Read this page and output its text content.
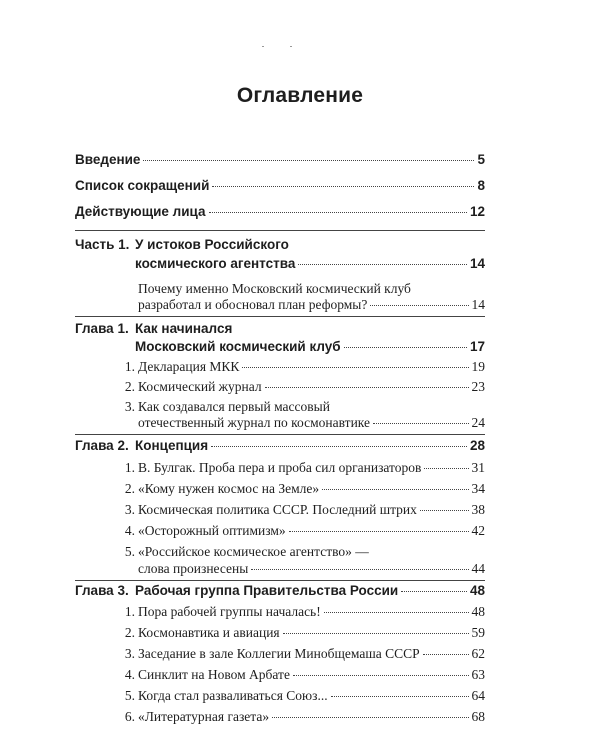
Оглавление
Введение	5
Список сокращений	8
Действующие лица	12
Часть 1. У истоков Российского
космического агентства	14
Почему именно Московский космический клуб
разработал и обосновал план реформы?	14
Глава 1. Как начинался
Московский космический клуб	17
1. Декларация МКК	19
2. Космический журнал	23
3. Как создавался первый массовый
отечественный журнал по космонавтике	24
Глава 2. Концепция	28
1. В. Булгак. Проба пера и проба сил организаторов	31
2. «Кому нужен космос на Земле»	34
3. Космическая политика СССР. Последний штрих	38
4. «Осторожный оптимизм»	42
5. «Российское космическое агентство» —
слова произнесены	44
Глава 3. Рабочая группа Правительства России	48
1. Пора рабочей группы началась!	48
2. Космонавтика и авиация	59
3. Заседание в зале Коллегии Минобщемаша СССР	62
4. Синклит на Новом Арбате	63
5. Когда стал разваливаться Союз...	64
6. «Литературная газета»	68
